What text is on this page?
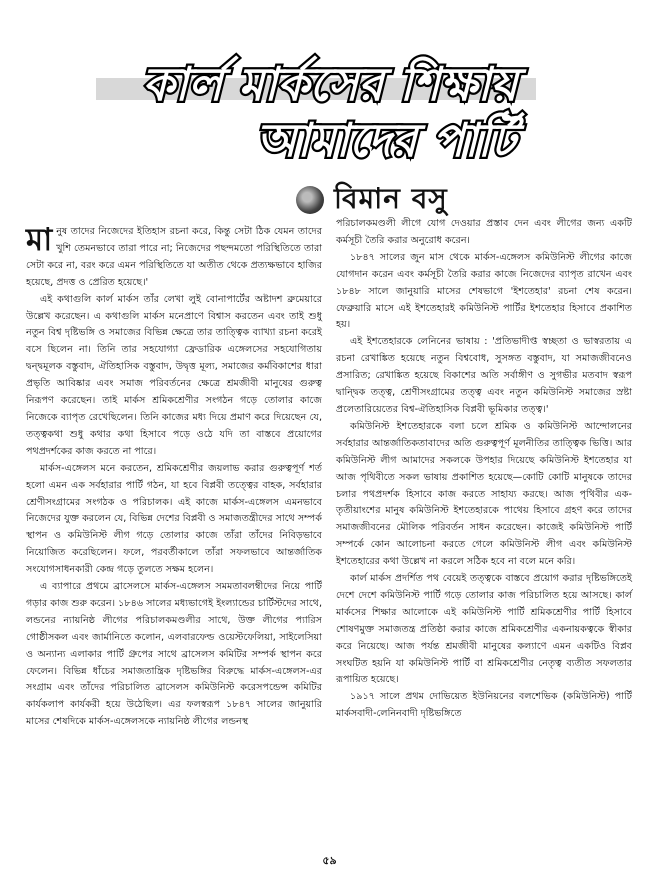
কার্ল মার্কসের শিক্ষায়
আমাদের পার্টি
বিমান বসু

মানুষ তাদের নিজেদের ইতিহাস রচনা করে, কিন্তু সেটা ঠিক যেমন তাদের খুশি তেমনভাবে তারা পারে না; নিজেদের পছন্দমতো পরিস্থিতিতে তারা সেটা করে না, বরং করে এমন পরিস্থিতিতে যা অতীত থেকে প্রত্যক্ষভাবে হাজির হয়েছে, প্রদত্ত ও প্রেরিত হয়েছে।'

এই কথাগুলি কার্ল মার্কস তাঁর লেখা লুই বোনাপার্টের অষ্টাদশ ব্রুমেয়ারে উল্লেখ করেছেন। এ কথাগুলি মার্কস মনেপ্রাণে বিশ্বাস করতেন এবং তাই শুধু নতুন বিশ্ব দৃষ্টিভঙ্গি ও সমাজের বিভিন্ন ক্ষেত্রে তার তাত্ত্বিক ব্যাখ্যা রচনা করেই বসে ছিলেন না। তিনি তার সহযোগ্যা ফ্রেডারিক এঙ্গেলসের সহযোগিতায় দ্বন্দ্বমূলক বস্তুবাদ, ঐতিহাসিক বস্তুবাদ, উদ্বৃত্ত মূল্য, সমাজের কর্মবিকাশের ধারা প্রভৃতি আবিষ্কার এবং সমাজ পরিবর্তনের ক্ষেত্রে শ্রমজীবী মানুষের গুরুত্ব নিরূপণ করেছেন। তাই মার্কস শ্রমিকশ্রেণীর সংগঠন গড়ে তোলার কাজে নিজেকে ব্যাপৃত রেখেছিলেন। তিনি কাজের মধ্য দিয়ে প্রমাণ করে দিয়েছেন যে, তত্ত্বকথা শুধু কথার কথা হিসাবে পড়ে ওঠে যদি তা বাস্তবে প্রয়োগের পথপ্রদর্শকের কাজ করতে না পারে।

মার্কস-এঙ্গেলস মনে করতেন, শ্রমিকশ্রেণীর জয়লাভ করার গুরুত্বপূর্ণ শর্ত হলো এমন এক সর্বহারার পার্টি গঠন, যা হবে বিপ্লবী তত্ত্বের বাহক, সর্বহারার শ্রেণীসংগ্রামের সংগঠক ও পরিচালক। এই কাজে মার্কস-এঙ্গেলস এমনভাবে নিজেদের যুক্ত করলেন যে, বিভিন্ন দেশের বিপ্লবী ও সমাজতন্ত্রীদের সাথে সম্পর্ক স্থাপন ও কমিউনিস্ট লীগ গড়ে তোলার কাজে তাঁরা তাঁদের নিবিড়ভাবে নিয়োজিত করেছিলেন। ফলে, পরবর্তীকালে তাঁরা সফলভাবে আন্তর্জাতিক সংযোগসাধনকারী কেন্দ্র গড়ে তুলতে সক্ষম হলেন।

এ ব্যাপারে প্রথমে ব্রাসেলসে মার্কস-এঙ্গেলস সমমতাবলম্বীদের নিয়ে পার্টি গড়ার কাজ শুরু করেন। ১৮৪৬ সালের মধ্যভাগেই ইংল্যান্ডের চার্টিস্টদের সাথে, লন্ডনের ন্যায়নিষ্ঠ লীগের পরিচালকমণ্ডলীর সাথে, উক্ত লীগের প্যারিস গোষ্ঠীসকল এবং জার্মানিতে কলোন, এলবারফেল্ড ওয়েস্টফেলিয়া, সাইলেসিয়া ও অন্যান্য এলাকার পার্টি গ্রুপের সাথে ব্রাসেলস কমিটির সম্পর্ক স্থাপন করে ফেলেন। বিভিন্ন ধাঁচের সমাজতান্ত্রিক দৃষ্টিভঙ্গির বিরুদ্ধে মার্কস-এঙ্গেলস-এর সংগ্রাম এবং তাঁদের পরিচালিত ব্রাসেলস কমিউনিস্ট করেসপন্ডেন্স কমিটির কার্যকলাপ কার্যকরী হয়ে উঠেছিল। এর ফলস্বরূপ ১৮৪৭ সালের জানুয়ারি মাসের শেষদিকে মার্কস-এঙ্গেলসকে ন্যায়নিষ্ঠ লীগের লন্ডনস্থ

পরিচালকমণ্ডলী লীগে যোগ দেওয়ার প্রস্তাব দেন এবং লীগের জন্য একটি কর্মসূচী তৈরি করার অনুরোধ করেন।

১৮৪৭ সালের জুন মাস থেকে মার্কস-এঙ্গেলস কমিউনিস্ট লীগের কাজে যোগদান করেন এবং কর্মসূচী তৈরি করার কাজে নিজেদের ব্যাপৃত রাখেন এবং ১৮৪৮ সালে জানুয়ারি মাসের শেষভাগে 'ইশতেহার' রচনা শেষ করেন। ফেব্রুয়ারি মাসে এই ইশতেহারই কমিউনিস্ট পার্টির ইশতেহার হিসাবে প্রকাশিত হয়।

এই ইশতেহারকে লেনিনের ভাষায় : 'প্রতিভাদীপ্ত স্বচ্ছতা ও ভাস্বরতায় এ রচনা রেখাঙ্কিত হয়েছে নতুন বিশ্ববোধ, সুসঙ্গত বস্তুবাদ, যা সমাজজীবনেও প্রসারিত; রেখাঙ্কিত হয়েছে বিকাশের অতি সর্বাঙ্গীণ ও সুগভীর মতবাদ স্বরূপ দ্বান্দ্বিক তত্ত্ব, শ্রেণীসংগ্রামের তত্ত্ব এবং নতুন কমিউনিস্ট সমাজের স্রষ্টা প্রলেতারিয়েতের বিশ্ব-ঐতিহাসিক বিপ্লবী ভূমিকার তত্ত্ব।'

কমিউনিস্ট ইশতেহারকে বলা চলে শ্রমিক ও কমিউনিস্ট আন্দোলনের সর্বহারার আন্তর্জাতিকতাবাদের অতি গুরুত্বপূর্ণ মূলনীতির তাত্ত্বিক ভিত্তি। আর কমিউনিস্ট লীগ আমাদের সকলকে উপহার দিয়েছে কমিউনিস্ট ইশতেহার যা আজ পৃথিবীতে সকল ভাষায় প্রকাশিত হয়েছে—কোটি কোটি মানুষকে তাদের চলার পথপ্রদর্শক হিসাবে কাজ করতে সাহায্য করছে। আজ পৃথিবীর এক-তৃতীয়াংশের মানুষ কমিউনিস্ট ইশতেহারকে পাথেয় হিসাবে গ্রহণ করে তাদের সমাজজীবনের মৌলিক পরিবর্তন সাধন করেছেন। কাজেই কমিউনিস্ট পার্টি সম্পর্কে কোন আলোচনা করতে গেলে কমিউনিস্ট লীগ এবং কমিউনিস্ট ইশতেহারের কথা উল্লেখ না করলে সঠিক হবে না বলে মনে করি।

কার্ল মার্কস প্রদর্শিত পথ বেয়েই তত্ত্বকে বাস্তবে প্রয়োগ করার দৃষ্টিভঙ্গিতেই দেশে দেশে কমিউনিস্ট পার্টি গড়ে তোলার কাজ পরিচালিত হয়ে আসছে। কার্ল মার্কসের শিক্ষার আলোকে এই কমিউনিস্ট পার্টি শ্রমিকশ্রেণীর পার্টি হিসাবে শোষণমুক্ত সমাজতন্ত্র প্রতিষ্ঠা করার কাজে শ্রমিকশ্রেণীর একনায়কত্বকে স্বীকার করে নিয়েছে। আজ পর্যন্ত শ্রমজীবী মানুষের কল্যাণে এমন একটিও বিপ্লব সংঘটিত হয়নি যা কমিউনিস্ট পার্টি বা শ্রমিকশ্রেণীর নেতৃত্ব ব্যতীত সফলতার রূপায়িত হয়েছে।

১৯১৭ সালে প্রথম দোভিয়েত ইউনিয়নের বলশেভিক (কমিউনিস্ট) পার্টি মার্কসবাদী-লেনিনবাদী দৃষ্টিভঙ্গিতে

৫৯
